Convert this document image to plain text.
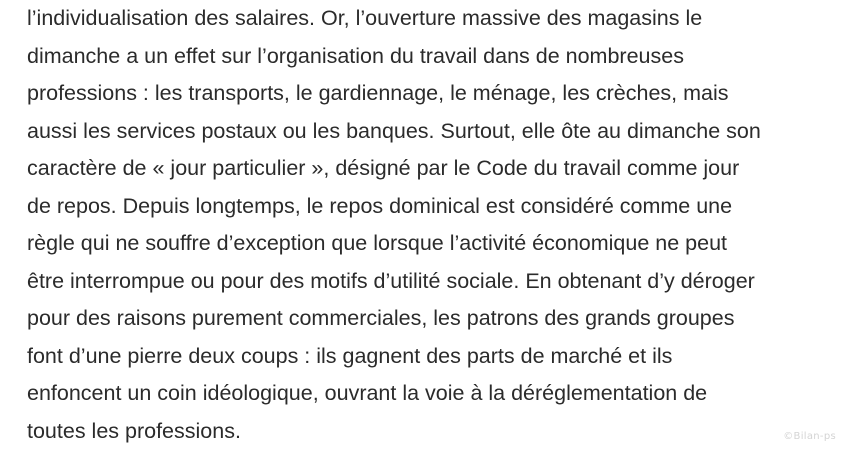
l’individualisation des salaires. Or, l’ouverture massive des magasins le
dimanche a un effet sur l’organisation du travail dans de nombreuses
professions : les transports, le gardiennage, le ménage, les crèches, mais
aussi les services postaux ou les banques. Surtout, elle ôte au dimanche son
caractère de « jour particulier », désigné par le Code du travail comme jour
de repos. Depuis longtemps, le repos dominical est considéré comme une
règle qui ne souffre d’exception que lorsque l’activité économique ne peut
être interrompue ou pour des motifs d’utilité sociale. En obtenant d’y déroger
pour des raisons purement commerciales, les patrons des grands groupes
font d’une pierre deux coups : ils gagnent des parts de marché et ils
enfoncent un coin idéologique, ouvrant la voie à la déréglementation de
toutes les professions.	©Bilan-ps
